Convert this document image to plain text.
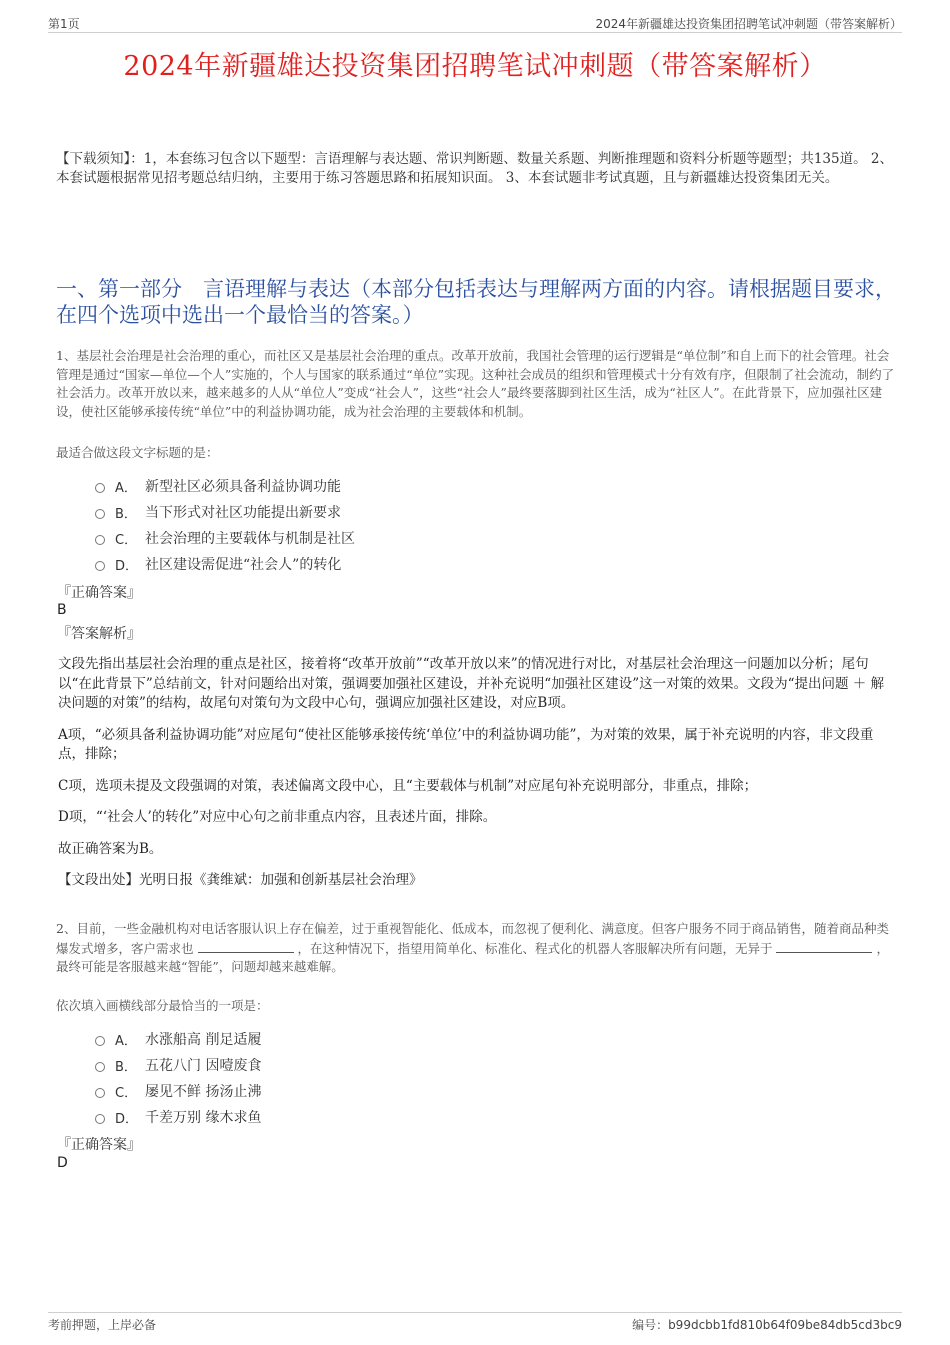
第1页	2024年新疆雄达投资集团招聘笔试冲刺题（带答案解析）
2024年新疆雄达投资集团招聘笔试冲刺题（带答案解析）
【下载须知】：1，本套练习包含以下题型：言语理解与表达题、常识判断题、数量关系题、判断推理题和资料分析题等题型；共135道。 2、本套试题根据常见招考题总结归纳，主要用于练习答题思路和拓展知识面。 3、本套试题非考试真题，且与新疆雄达投资集团无关。
一、第一部分　言语理解与表达（本部分包括表达与理解两方面的内容。请根据题目要求，在四个选项中选出一个最恰当的答案。）
1、基层社会治理是社会治理的重心，而社区又是基层社会治理的重点。改革开放前，我国社会管理的运行逻辑是“单位制”和自上而下的社会管理。社会管理是通过“国家—单位—个人”实施的，个人与国家的联系通过“单位”实现。这种社会成员的组织和管理模式十分有效有序，但限制了社会流动，制约了社会活力。改革开放以来，越来越多的人从“单位人”变成“社会人”，这些“社会人”最终要落脚到社区生活，成为“社区人”。在此背景下，应加强社区建设，使社区能够承接传统“单位”中的利益协调功能，成为社会治理的主要载体和机制。
最适合做这段文字标题的是：
A． 新型社区必须具备利益协调功能
B． 当下形式对社区功能提出新要求
C． 社会治理的主要载体与机制是社区
D． 社区建设需促进“社会人”的转化
『正确答案』
B
『答案解析』

文段先指出基层社会治理的重点是社区，接着将“改革开放前”“改革开放以来”的情况进行对比，对基层社会治理这一问题加以分析；尾句以“在此背景下”总结前文，针对问题给出对策，强调要加强社区建设，并补充说明“加强社区建设”这一对策的效果。文段为“提出问题 ＋ 解决问题的对策”的结构，故尾句对策句为文段中心句，强调应加强社区建设，对应B项。

A项，“必须具备利益协调功能”对应尾句“使社区能够承接传统‘单位’中的利益协调功能”，为对策的效果，属于补充说明的内容，非文段重点，排除；

C项，选项未提及文段强调的对策，表述偏离文段中心，且“主要载体与机制”对应尾句补充说明部分，非重点，排除；

D项，“‘社会人’的转化”对应中心句之前非重点内容，且表述片面，排除。

故正确答案为B。

【文段出处】光明日报《龚维斌：加强和创新基层社会治理》

2、目前，一些金融机构对电话客服认识上存在偏差，过于重视智能化、低成本，而忽视了便利化、满意度。但客户服务不同于商品销售，随着商品种类爆发式增多，客户需求也	，在这种情况下，指望用简单化、标准化、程式化的机器人客服解决所有问题，无异于	，最终可能是客服越来越“智能”，问题却越来越难解。
依次填入画横线部分最恰当的一项是：
A． 水涨船高 削足适履
B． 五花八门 因噎废食
C． 屡见不鲜 扬汤止沸
D． 千差万别 缘木求鱼
『正确答案』
D
考前押题，上岸必备	编号：b99dcbb1fd810b64f09be84db5cd3bc9
